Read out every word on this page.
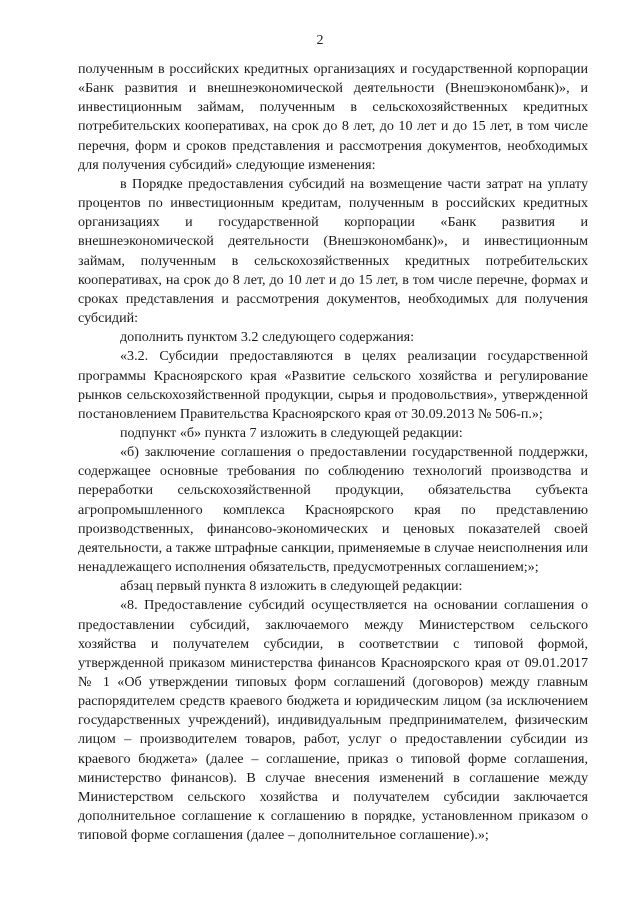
2

полученным в российских кредитных организациях и государственной корпорации «Банк развития и внешнеэкономической деятельности (Внешэкономбанк)», и инвестиционным займам, полученным в сельскохозяйственных кредитных потребительских кооперативах, на срок до 8 лет, до 10 лет и до 15 лет, в том числе перечня, форм и сроков представления и рассмотрения документов, необходимых для получения субсидий» следующие изменения:

в Порядке предоставления субсидий на возмещение части затрат на уплату процентов по инвестиционным кредитам, полученным в российских кредитных организациях и государственной корпорации «Банк развития и внешнеэкономической деятельности (Внешэкономбанк)», и инвестиционным займам, полученным в сельскохозяйственных кредитных потребительских кооперативах, на срок до 8 лет, до 10 лет и до 15 лет, в том числе перечне, формах и сроках представления и рассмотрения документов, необходимых для получения субсидий:

дополнить пунктом 3.2 следующего содержания:

«3.2. Субсидии предоставляются в целях реализации государственной программы Красноярского края «Развитие сельского хозяйства и регулирование рынков сельскохозяйственной продукции, сырья и продовольствия», утвержденной постановлением Правительства Красноярского края от 30.09.2013 № 506-п.»;

подпункт «б» пункта 7 изложить в следующей редакции:

«б) заключение соглашения о предоставлении государственной поддержки, содержащее основные требования по соблюдению технологий производства и переработки сельскохозяйственной продукции, обязательства субъекта агропромышленного комплекса Красноярского края по представлению производственных, финансово-экономических и ценовых показателей своей деятельности, а также штрафные санкции, применяемые в случае неисполнения или ненадлежащего исполнения обязательств, предусмотренных соглашением;»;

абзац первый пункта 8 изложить в следующей редакции:

«8. Предоставление субсидий осуществляется на основании соглашения о предоставлении субсидий, заключаемого между Министерством сельского хозяйства и получателем субсидии, в соответствии с типовой формой, утвержденной приказом министерства финансов Красноярского края от 09.01.2017 № 1 «Об утверждении типовых форм соглашений (договоров) между главным распорядителем средств краевого бюджета и юридическим лицом (за исключением государственных учреждений), индивидуальным предпринимателем, физическим лицом – производителем товаров, работ, услуг о предоставлении субсидии из краевого бюджета» (далее – соглашение, приказ о типовой форме соглашения, министерство финансов). В случае внесения изменений в соглашение между Министерством сельского хозяйства и получателем субсидии заключается дополнительное соглашение к соглашению в порядке, установленном приказом о типовой форме соглашения (далее – дополнительное соглашение).»;
